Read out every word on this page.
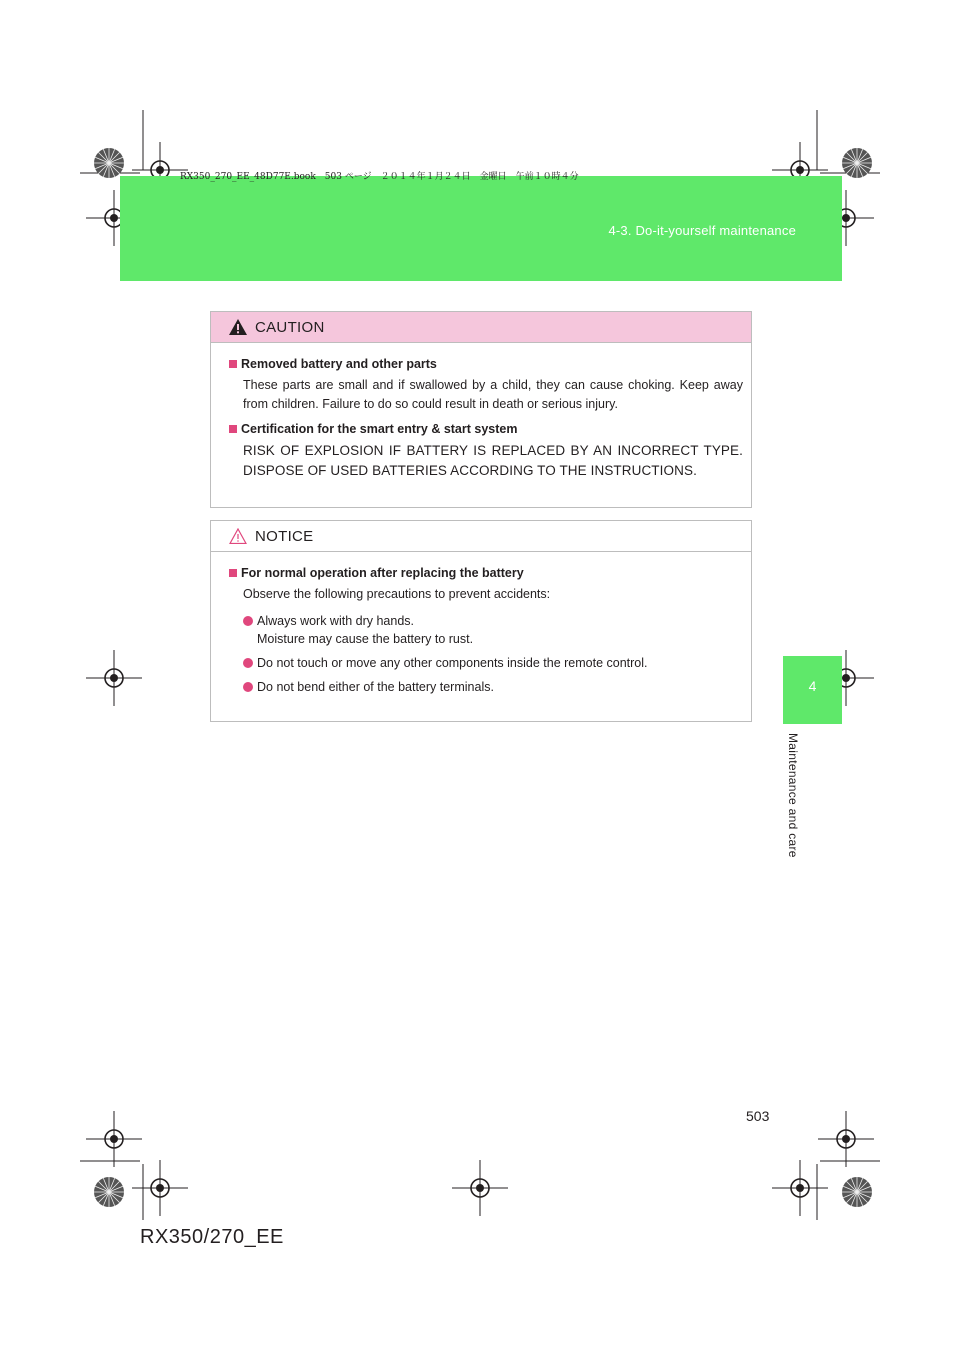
RX350_270_EE_48D77E.book　503 ページ　２０１４年１月２４日　金曜日　午前１０時４分
4-3. Do-it-yourself maintenance
4
Maintenance and care
CAUTION
Removed battery and other parts
These parts are small and if swallowed by a child, they can cause choking. Keep away from children. Failure to do so could result in death or serious injury.
Certification for the smart entry & start system
RISK OF EXPLOSION IF BATTERY IS REPLACED BY AN INCORRECT TYPE. DISPOSE OF USED BATTERIES ACCORDING TO THE INSTRUCTIONS.
NOTICE
For normal operation after replacing the battery
Observe the following precautions to prevent accidents:
Always work with dry hands.
Moisture may cause the battery to rust.
Do not touch or move any other components inside the remote control.
Do not bend either of the battery terminals.
503
RX350/270_EE
